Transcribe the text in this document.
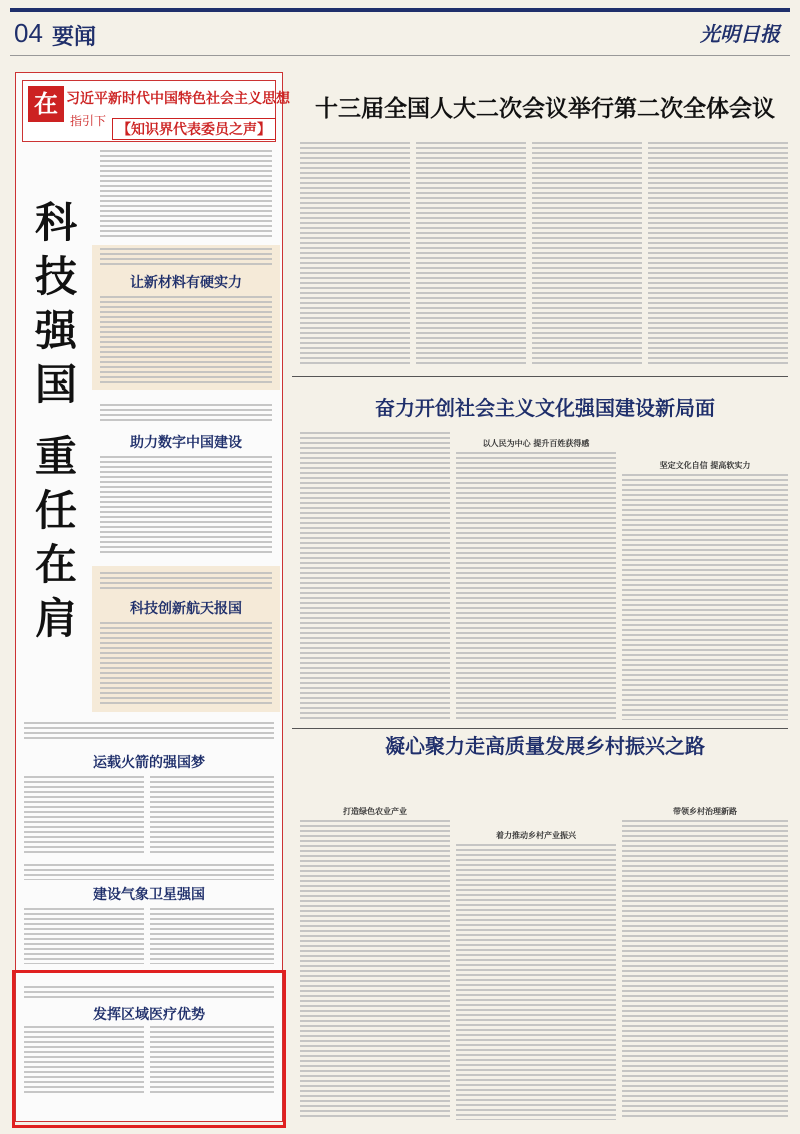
04 要闻	光明日报
在 习近平新时代中国特色社会主义思想
指引下
【知识界代表委员之声】
科
技
强
国
重
任
在
肩
让新材料有硬实力
助力数字中国建设
科技创新航天报国
运载火箭的强国梦
建设气象卫星强国
发挥区域医疗优势
十三届全国人大二次会议举行第二次全体会议
奋力开创社会主义文化强国建设新局面
以人民为中心 提升百姓获得感
坚定文化自信 提高软实力
凝心聚力走高质量发展乡村振兴之路
打造绿色农业产业
着力推动乡村产业振兴
带领乡村治理新路
